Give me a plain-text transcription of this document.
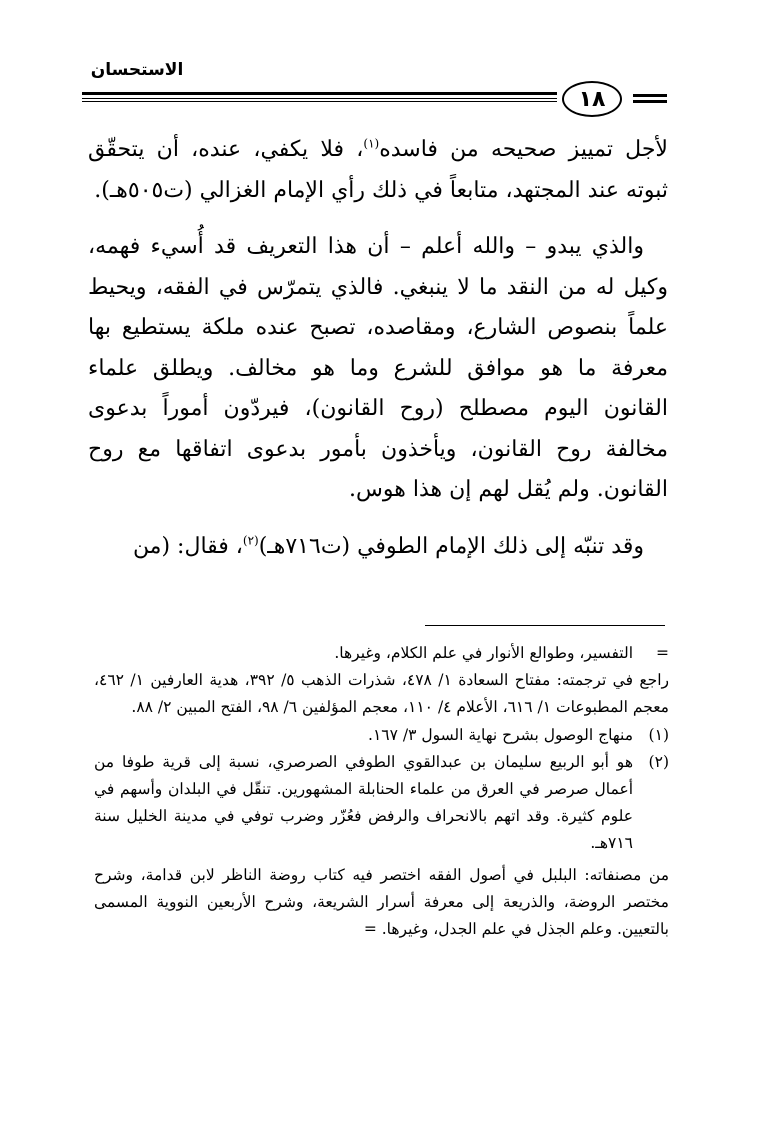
الاستحسان
١٨

لأجل تمييز صحيحه من فاسده$^{(١)}$، فلا يكفي، عنده، أن يتحقّق ثبوته عند المجتهد، متابعاً في ذلك رأي الإمام الغزالي (ت٥٠٥هـ).

والذي يبدو – والله أعلم – أن هذا التعريف قد أُسيء فهمه، وكيل له من النقد ما لا ينبغي. فالذي يتمرّس في الفقه، ويحيط علماً بنصوص الشارع، ومقاصده، تصبح عنده ملكة يستطيع بها معرفة ما هو موافق للشرع وما هو مخالف. ويطلق علماء القانون اليوم مصطلح (روح القانون)، فيردّون أموراً بدعوى مخالفة روح القانون، ويأخذون بأمور بدعوى اتفاقها مع روح القانون. ولم يُقل لهم إن هذا هوس.

وقد تنبّه إلى ذلك الإمام الطوفي (ت٧١٦هـ)$^{(٢)}$، فقال: (من

=
التفسير، وطوالع الأنوار في علم الكلام، وغيرها.

راجع في ترجمته: مفتاح السعادة ١/ ٤٧٨، شذرات الذهب ٥/ ٣٩٢، هدية العارفين ١/ ٤٦٢، معجم المطبوعات ١/ ٦١٦، الأعلام ٤/ ١١٠، معجم المؤلفين ٦/ ٩٨، الفتح المبين ٢/ ٨٨.

(١)
منهاج الوصول بشرح نهاية السول ٣/ ١٦٧.
(٢)
هو أبو الربيع سليمان بن عبدالقوي الطوفي الصرصري، نسبة إلى قرية طوفا من أعمال صرصر في العرق من علماء الحنابلة المشهورين. تنقّل في البلدان وأسهم في علوم كثيرة. وقد اتهم بالانحراف والرفض فعُزّر وضرب توفي في مدينة الخليل سنة ٧١٦هـ.

من مصنفاته: البلبل في أصول الفقه اختصر فيه كتاب روضة الناظر لابن قدامة، وشرح مختصر الروضة، والذريعة إلى معرفة أسرار الشريعة، وشرح الأربعين النووية المسمى بالتعيين. وعلم الجذل في علم الجدل، وغيرها. =
